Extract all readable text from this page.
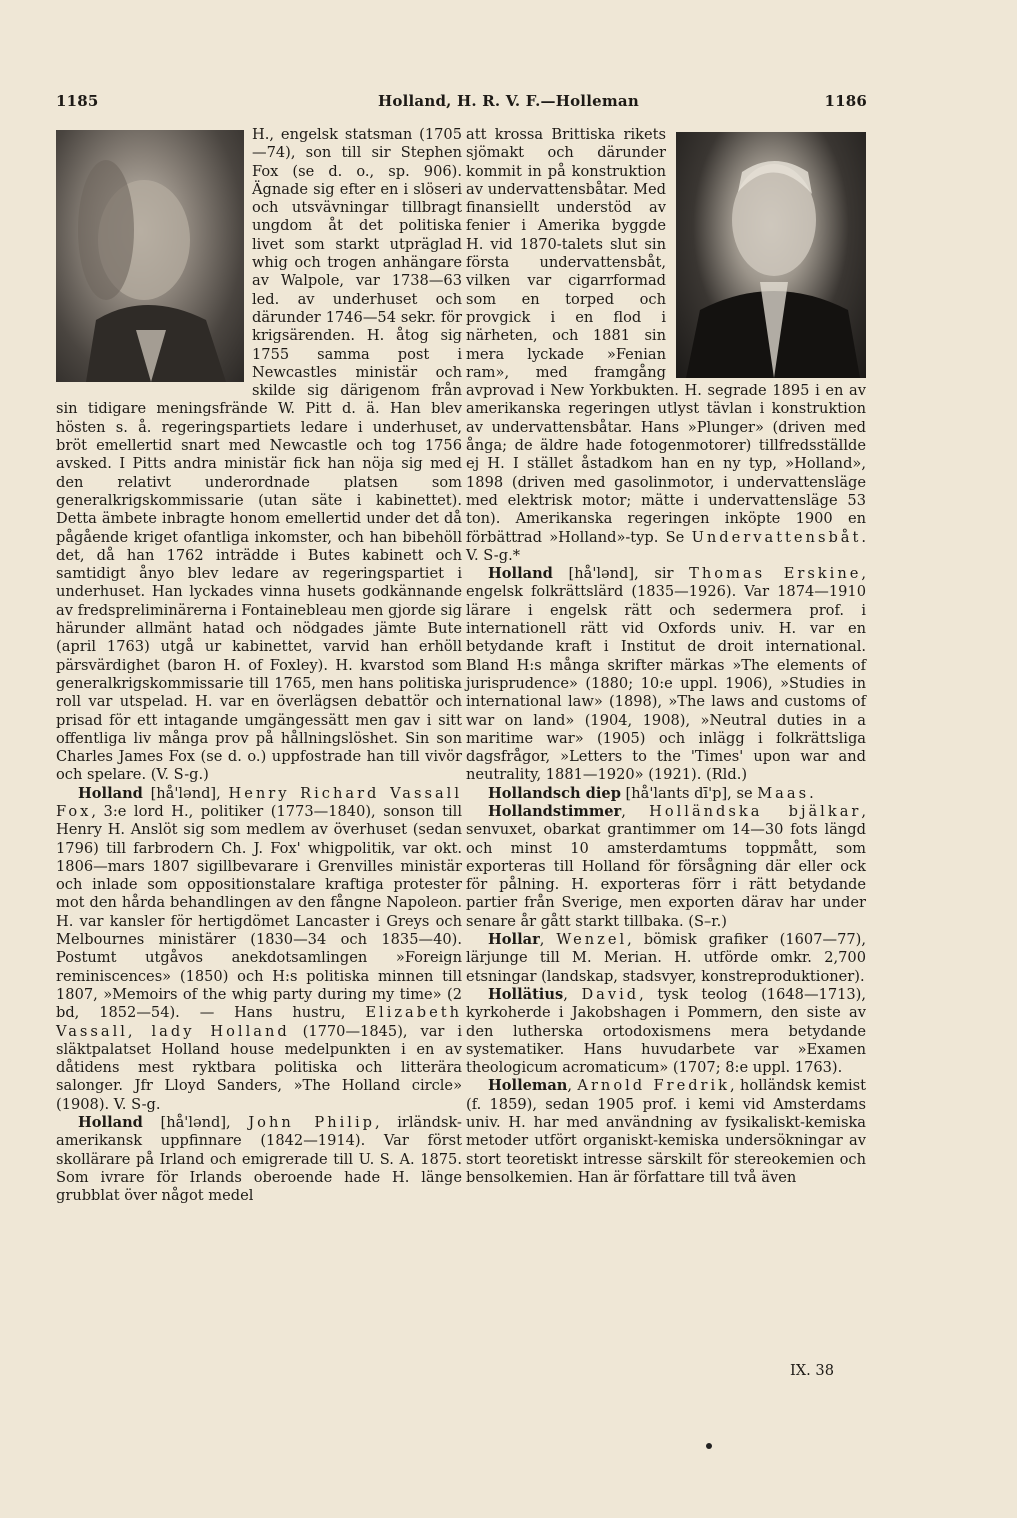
1185	Holland, H. R. V. F.—Holleman	1186

H., engelsk statsman (1705—74), son till sir Stephen Fox (se d. o., sp. 906). Ägnade sig efter en i slöseri och utsvävningar tillbragt ungdom åt det politiska livet som starkt utpräglad whig och trogen anhängare av Walpole, var 1738—63 led. av underhuset och därunder 1746—54 sekr. för krigsärenden. H. åtog sig 1755 samma post i Newcastles ministär och skilde sig därigenom från sin tidigare meningsfrände W. Pitt d. ä. Han blev hösten s. å. regeringspartiets ledare i underhuset, bröt emellertid snart med Newcastle och tog 1756 avsked. I Pitts andra ministär fick han nöja sig med den relativt underordnade platsen som generalkrigskommissarie (utan säte i kabinettet). Detta ämbete inbragte honom emellertid under det då pågående kriget ofantliga inkomster, och han bibehöll det, då han 1762 inträdde i Butes kabinett och samtidigt ånyo blev ledare av regeringspartiet i underhuset. Han lyckades vinna husets godkännande av fredspreliminärerna i Fontainebleau men gjorde sig härunder allmänt hatad och nödgades jämte Bute (april 1763) utgå ur kabinettet, varvid han erhöll pärsvärdighet (baron H. of Foxley). H. kvarstod som generalkrigskommissarie till 1765, men hans politiska roll var utspelad. H. var en överlägsen debattör och prisad för ett intagande umgängessätt men gav i sitt offentliga liv många prov på hållningslöshet. Sin son Charles James Fox (se d. o.) uppfostrade han till vivör och spelare. (V. S-g.)

Holland [hå'lənd], Henry Richard Vassall Fox, 3:e lord H., politiker (1773—1840), sonson till Henry H. Anslöt sig som medlem av överhuset (sedan 1796) till farbrodern Ch. J. Fox' whigpolitik, var okt. 1806—mars 1807 sigillbevarare i Grenvilles ministär och inlade som oppositionstalare kraftiga protester mot den hårda behandlingen av den fångne Napoleon. H. var kansler för hertigdömet Lancaster i Greys och Melbournes ministärer (1830—34 och 1835—40). Postumt utgåvos anekdotsamlingen »Foreign reminiscences» (1850) och H:s politiska minnen till 1807, »Memoirs of the whig party during my time» (2 bd, 1852—54). — Hans hustru, Elizabeth Vassall, lady Holland (1770—1845), var i släktpalatset Holland house medelpunkten i en av dåtidens mest ryktbara politiska och litterära salonger. Jfr Lloyd Sanders, »The Holland circle» (1908). V. S-g.

Holland [hå'lənd], John Philip, irländsk-amerikansk uppfinnare (1842—1914). Var först skollärare på Irland och emigrerade till U. S. A. 1875. Som ivrare för Irlands oberoende hade H. länge grubblat över något medel

att krossa Brittiska rikets sjömakt och därunder kommit in på konstruktion av undervattensbåtar. Med finansiellt understöd av fenier i Amerika byggde H. vid 1870-talets slut sin första undervattensbåt, vilken var cigarrformad som en torped och provgick i en flod i närheten, och 1881 sin mera lyckade »Fenian ram», med framgång avprovad i New Yorkbukten. H. segrade 1895 i en av amerikanska regeringen utlyst tävlan i konstruktion av undervattensbåtar. Hans »Plunger» (driven med ånga; de äldre hade fotogenmotorer) tillfredsställde ej H. I stället åstadkom han en ny typ, »Holland», 1898 (driven med gasolinmotor, i undervattensläge med elektrisk motor; mätte i undervattensläge 53 ton). Amerikanska regeringen inköpte 1900 en förbättrad »Holland»-typ. Se Undervattensbåt. V. S-g.*

Holland [hå'lənd], sir Thomas Erskine, engelsk folkrättslärd (1835—1926). Var 1874—1910 lärare i engelsk rätt och sedermera prof. i internationell rätt vid Oxfords univ. H. var en betydande kraft i Institut de droit international. Bland H:s många skrifter märkas »The elements of jurisprudence» (1880; 10:e uppl. 1906), »Studies in international law» (1898), »The laws and customs of war on land» (1904, 1908), »Neutral duties in a maritime war» (1905) och inlägg i folkrättsliga dagsfrågor, »Letters to the 'Times' upon war and neutrality, 1881—1920» (1921). (Rld.)

Hollandsch diep [hå'lants dī'p], se Maas.

Hollandstimmer, Holländska bjälkar, senvuxet, obarkat grantimmer om 14—30 fots längd och minst 10 amsterdamtums toppmått, som exporteras till Holland för försågning där eller ock för pålning. H. exporteras förr i rätt betydande partier från Sverige, men exporten därav har under senare år gått starkt tillbaka. (S–r.)

Hollar, Wenzel, bömisk grafiker (1607—77), lärjunge till M. Merian. H. utförde omkr. 2,700 etsningar (landskap, stadsvyer, konstreproduktioner).

Hollätius, David, tysk teolog (1648—1713), kyrkoherde i Jakobshagen i Pommern, den siste av den lutherska ortodoxismens mera betydande systematiker. Hans huvudarbete var »Examen theologicum acromaticum» (1707; 8:e uppl. 1763).

Holleman, Arnold Fredrik, holländsk kemist (f. 1859), sedan 1905 prof. i kemi vid Amsterdams univ. H. har med användning av fysikaliskt-kemiska metoder utfört organiskt-kemiska undersökningar av stort teoretiskt intresse särskilt för stereokemien och bensolkemien. Han är författare till två även

IX. 38
